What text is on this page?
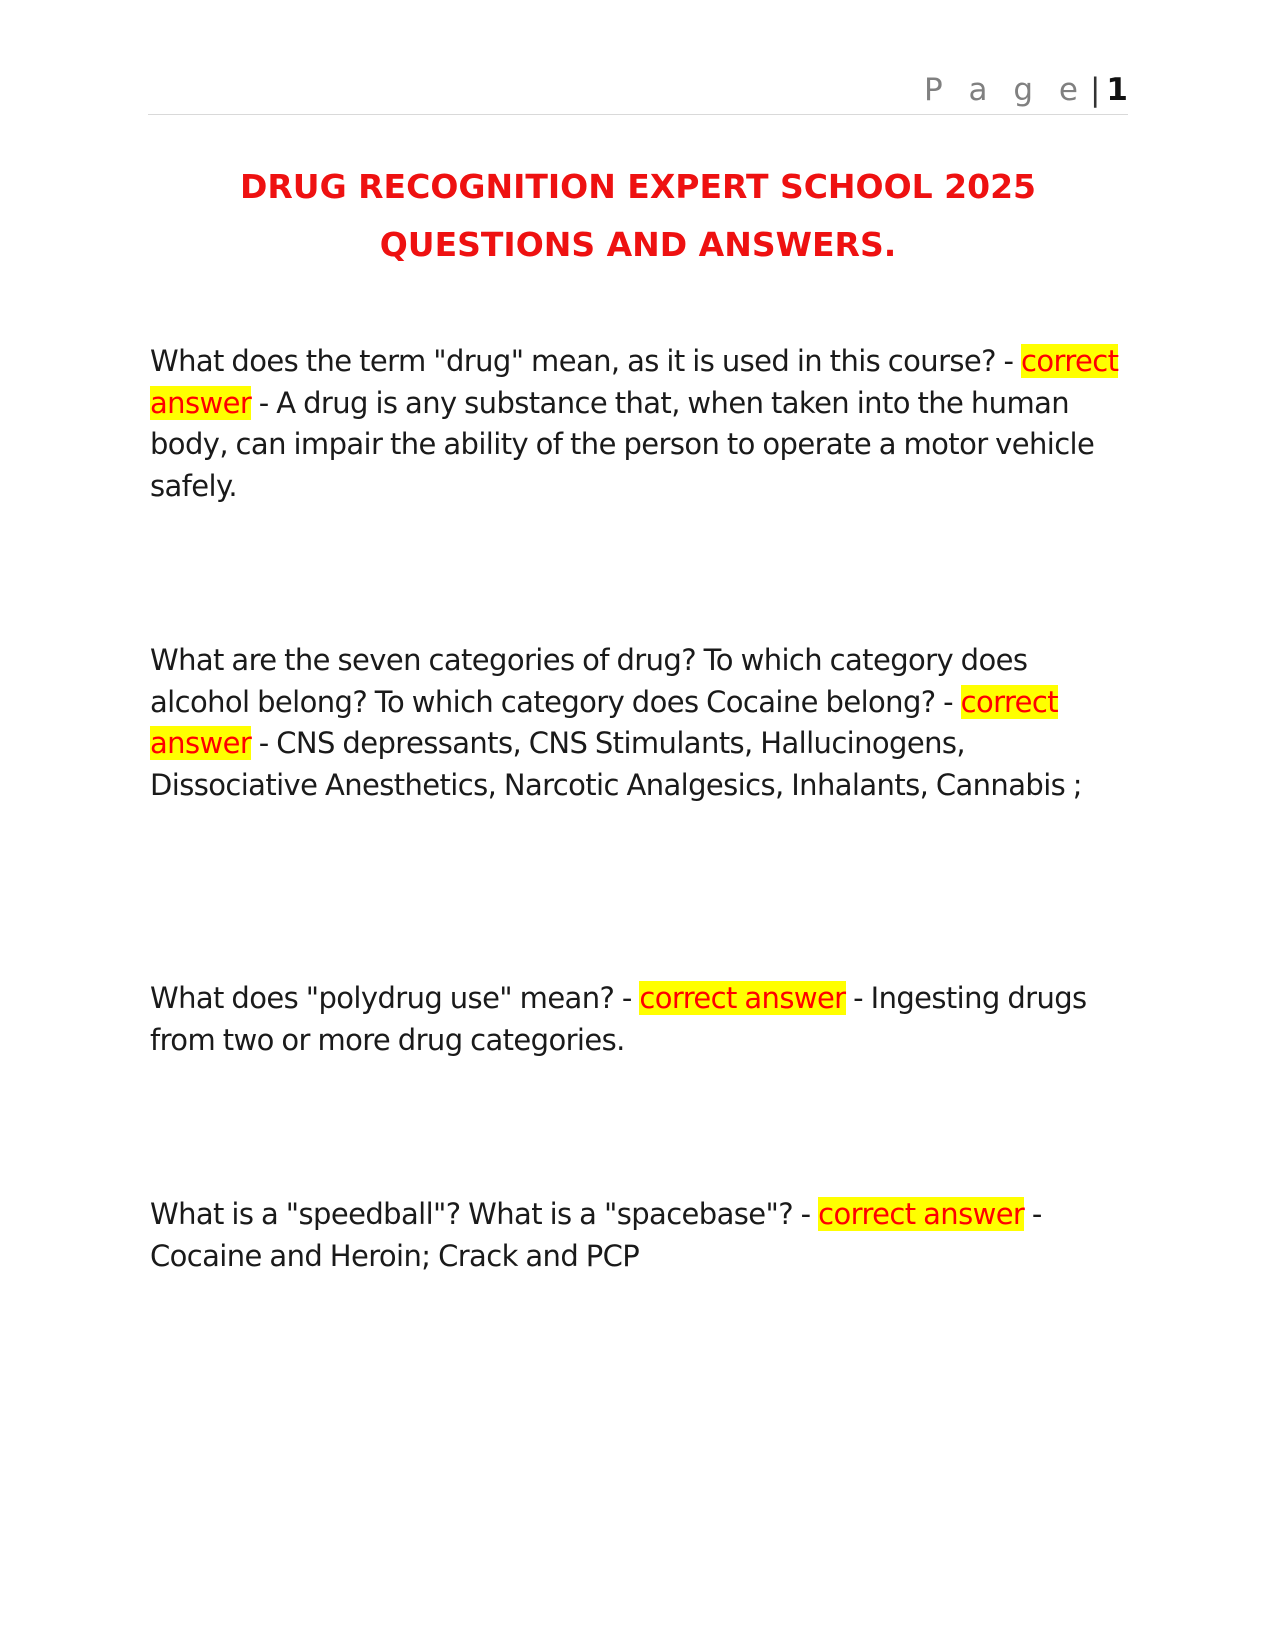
P a g e | 1
DRUG RECOGNITION EXPERT SCHOOL 2025
QUESTIONS AND ANSWERS.

What does the term "drug" mean, as it is used in this course? - correct answer - A drug is any substance that, when taken into the human body, can impair the ability of the person to operate a motor vehicle safely.

What are the seven categories of drug? To which category does alcohol belong? To which category does Cocaine belong? - correct answer - CNS depressants, CNS Stimulants, Hallucinogens, Dissociative Anesthetics, Narcotic Analgesics, Inhalants, Cannabis ;

What does "polydrug use" mean? - correct answer - Ingesting drugs from two or more drug categories.

What is a "speedball"? What is a "spacebase"? - correct answer - Cocaine and Heroin; Crack and PCP
